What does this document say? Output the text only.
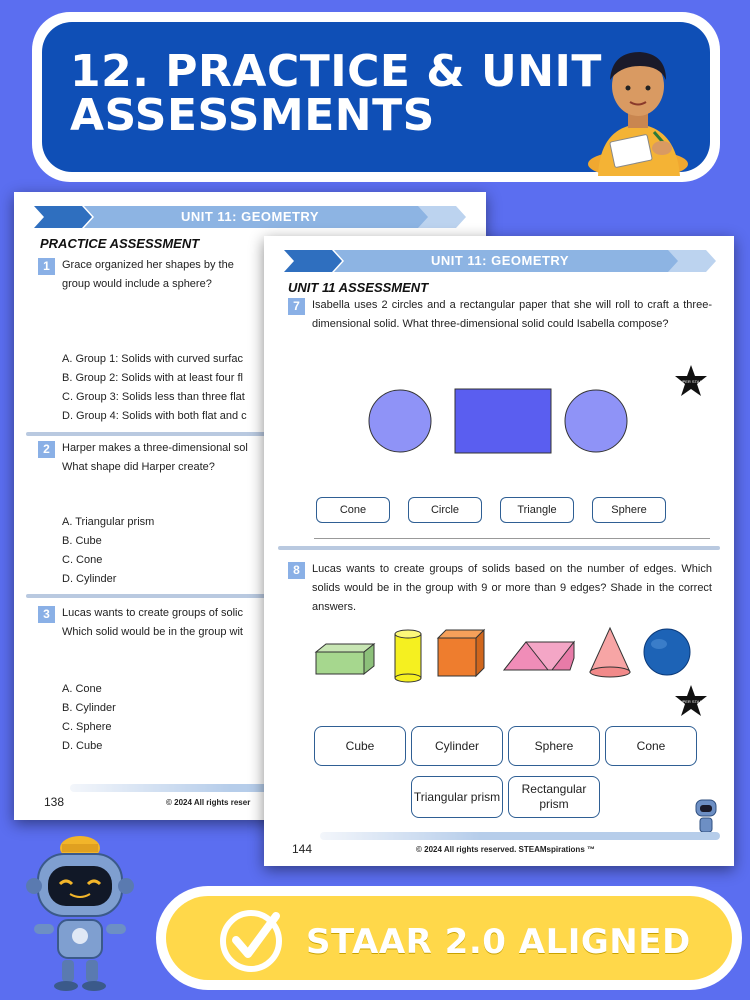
12. PRACTICE & UNIT ASSESSMENTS
UNIT 11: GEOMETRY
PRACTICE ASSESSMENT
1	Grace organized her shapes by the
group would include a sphere?
A. Group 1: Solids with curved surfac
B. Group 2: Solids with at least four fl
C. Group 3: Solids less than three flat
D. Group 4: Solids with both flat and c
2	Harper makes a three-dimensional sol
What shape did Harper create?
A. Triangular prism
B. Cube
C. Cone
D. Cylinder
3	Lucas wants to create groups of solic
Which solid would be in the group wit
A. Cone
B. Cylinder
C. Sphere
D. Cube
138	© 2024 All rights reser
UNIT 11: GEOMETRY
UNIT 11 ASSESSMENT
7	Isabella uses 2 circles and a rectangular paper that she will roll to craft a three-dimensional solid. What three-dimensional solid could Isabella compose?
SUPER STAAR
Cone	Circle	Triangle	Sphere
8	Lucas wants to create groups of solids based on the number of edges. Which solids would be in the group with 9 or more than 9 edges? Shade in the correct answers.
SUPER STAAR
Cube	Cylinder	Sphere	Cone
Triangular prism
Rectangular prism
144	© 2024 All rights reserved. STEAMspirations ™
STAAR 2.0 ALIGNED
